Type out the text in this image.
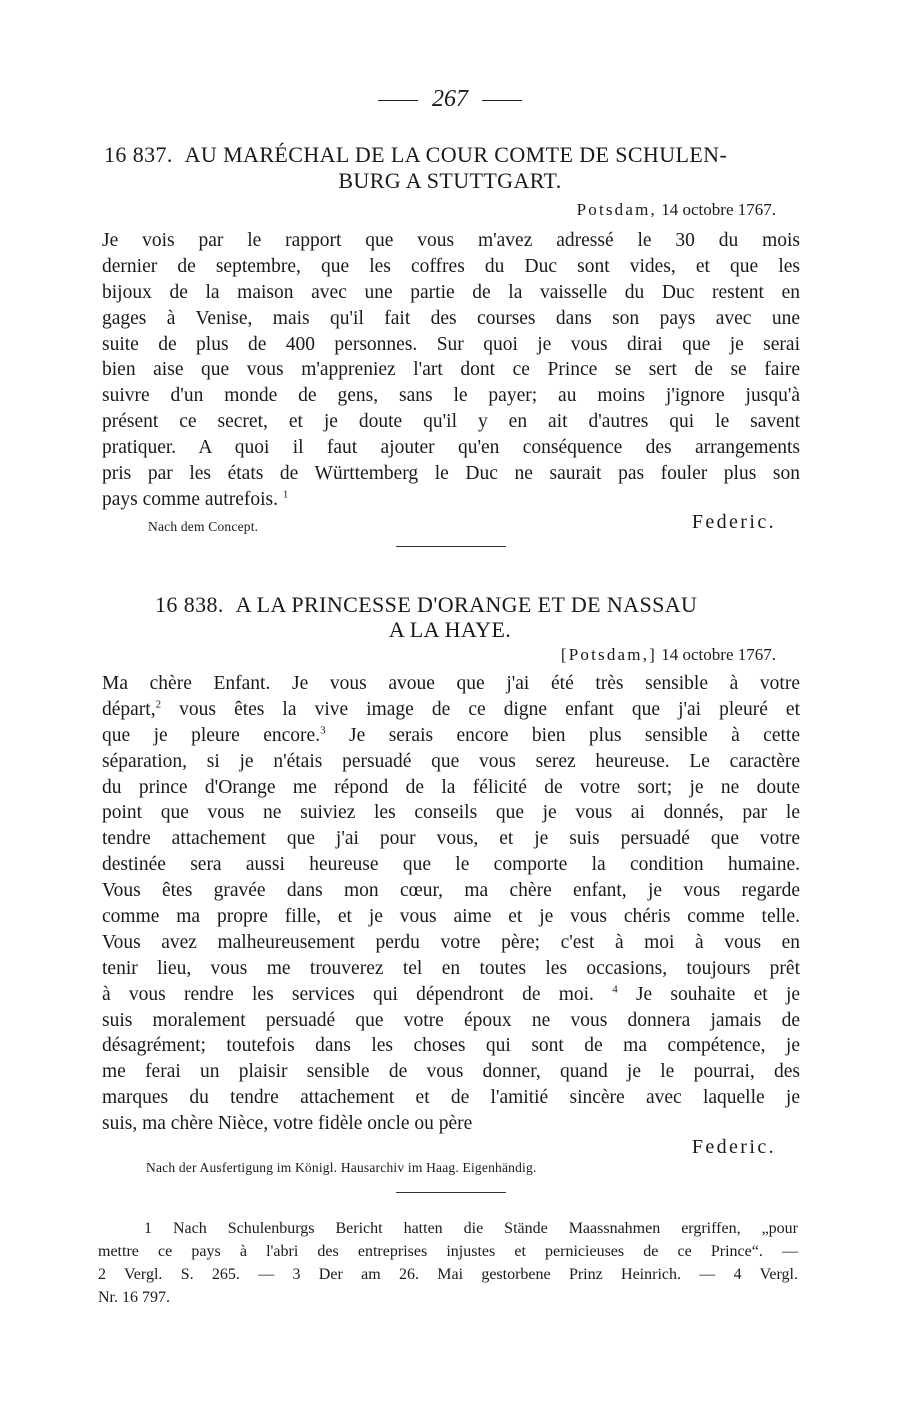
267
16 837. AU MARÉCHAL DE LA COUR COMTE DE SCHULEN-
BURG A STUTTGART.
Potsdam, 14 octobre 1767.
Je vois par le rapport que vous m'avez adressé le 30 du mois
dernier de septembre, que les coffres du Duc sont vides, et que les
bijoux de la maison avec une partie de la vaisselle du Duc restent en
gages à Venise, mais qu'il fait des courses dans son pays avec une
suite de plus de 400 personnes. Sur quoi je vous dirai que je serai
bien aise que vous m'appreniez l'art dont ce Prince se sert de se faire
suivre d'un monde de gens, sans le payer; au moins j'ignore jusqu'à
présent ce secret, et je doute qu'il y en ait d'autres qui le savent
pratiquer. A quoi il faut ajouter qu'en conséquence des arrangements
pris par les états de Württemberg le Duc ne saurait pas fouler plus son
pays comme autrefois. $^1$
Nach dem Concept.	Federic.
16 838. A LA PRINCESSE D'ORANGE ET DE NASSAU
A LA HAYE.
[Potsdam,] 14 octobre 1767.
Ma chère Enfant. Je vous avoue que j'ai été très sensible à votre
départ,$^2$ vous êtes la vive image de ce digne enfant que j'ai pleuré et
que je pleure encore.$^3$ Je serais encore bien plus sensible à cette
séparation, si je n'étais persuadé que vous serez heureuse. Le caractère
du prince d'Orange me répond de la félicité de votre sort; je ne doute
point que vous ne suiviez les conseils que je vous ai donnés, par le
tendre attachement que j'ai pour vous, et je suis persuadé que votre
destinée sera aussi heureuse que le comporte la condition humaine.
Vous êtes gravée dans mon cœur, ma chère enfant, je vous regarde
comme ma propre fille, et je vous aime et je vous chéris comme telle.
Vous avez malheureusement perdu votre père; c'est à moi à vous en
tenir lieu, vous me trouverez tel en toutes les occasions, toujours prêt
à vous rendre les services qui dépendront de moi. $^4$ Je souhaite et je
suis moralement persuadé que votre époux ne vous donnera jamais de
désagrément; toutefois dans les choses qui sont de ma compétence, je
me ferai un plaisir sensible de vous donner, quand je le pourrai, des
marques du tendre attachement et de l'amitié sincère avec laquelle je
suis, ma chère Nièce, votre fidèle oncle ou père
Federic.
Nach der Ausfertigung im Königl. Hausarchiv im Haag. Eigenhändig.
1 Nach Schulenburgs Bericht hatten die Stände Maassnahmen ergriffen, „pour
mettre ce pays à l'abri des entreprises injustes et pernicieuses de ce Prince“. —
2 Vergl. S. 265. — 3 Der am 26. Mai gestorbene Prinz Heinrich. — 4 Vergl.
Nr. 16 797.
